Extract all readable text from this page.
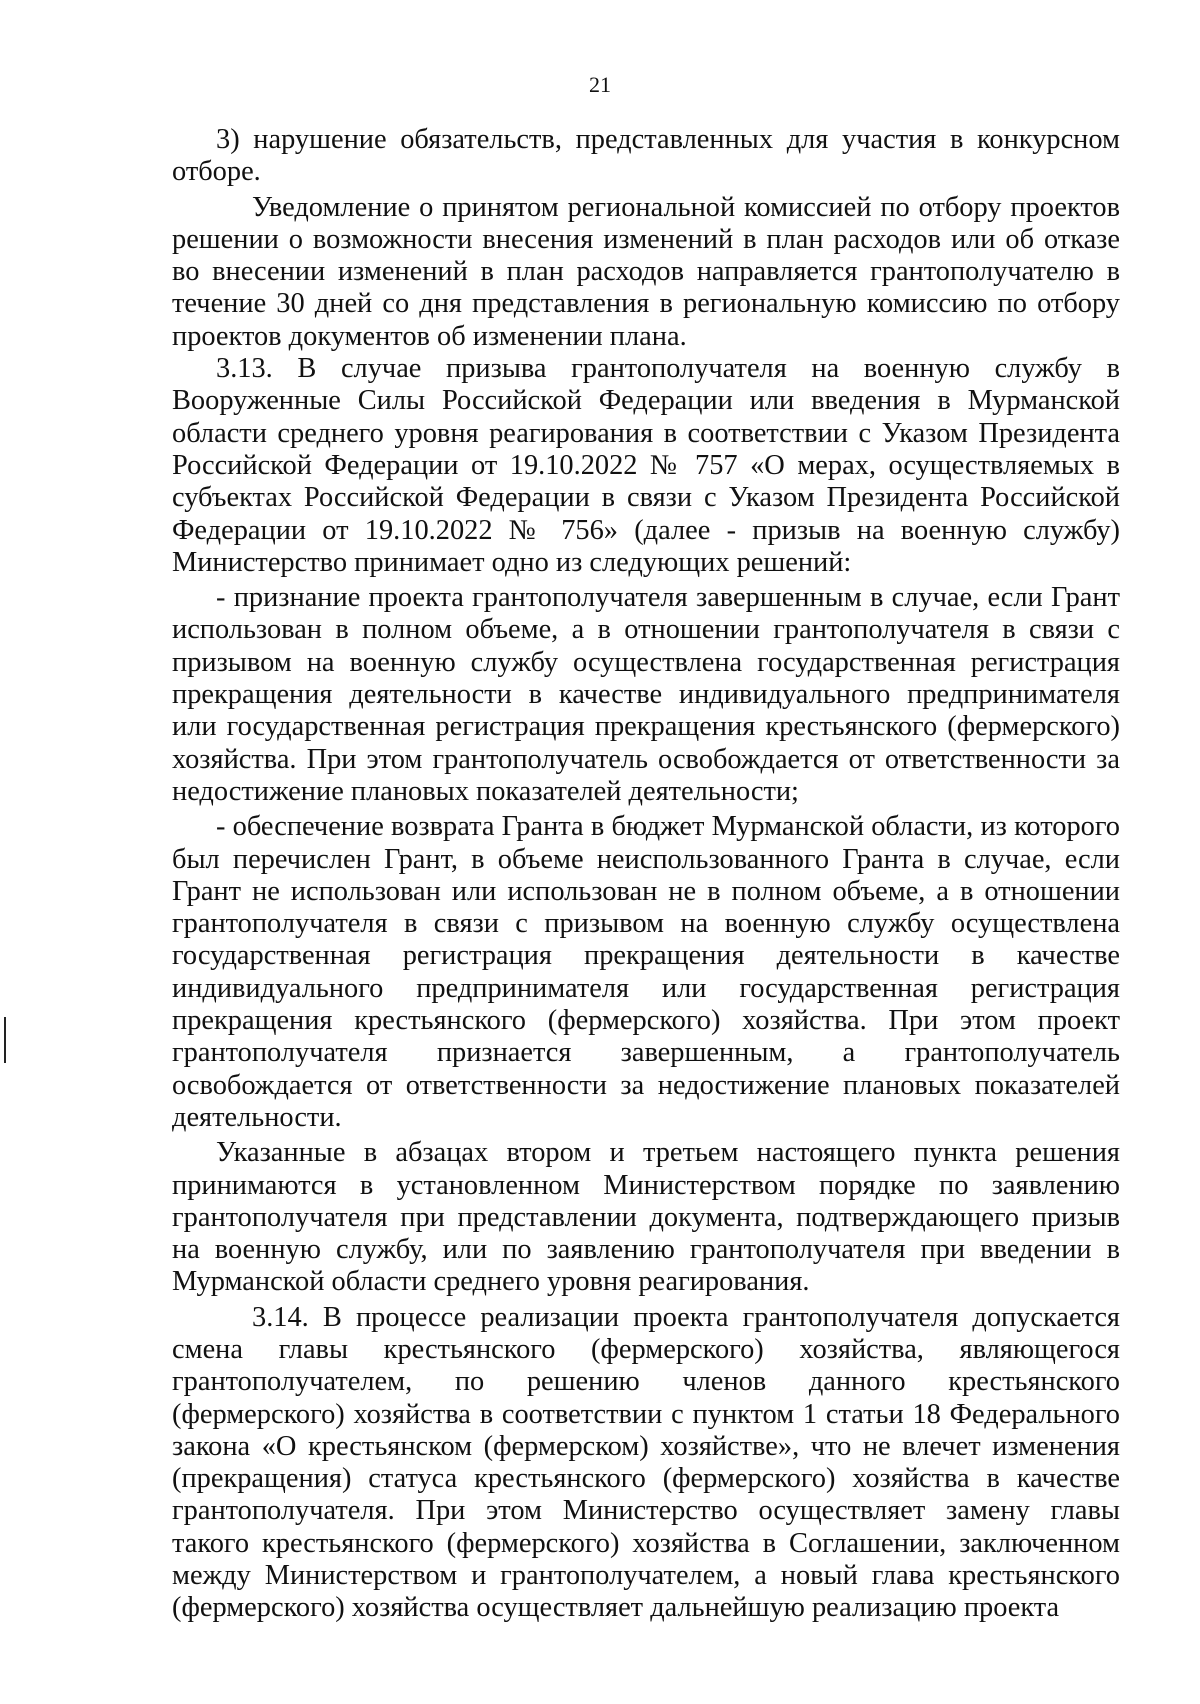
21

3) нарушение обязательств, представленных для участия в конкурсном отборе.

Уведомление о принятом региональной комиссией по отбору проектов решении о возможности внесения изменений в план расходов или об отказе во внесении изменений в план расходов направляется грантополучателю в течение 30 дней со дня представления в региональную комиссию по отбору проектов документов об изменении плана.

3.13. В случае призыва грантополучателя на военную службу в Вооруженные Силы Российской Федерации или введения в Мурманской области среднего уровня реагирования в соответствии с Указом Президента Российской Федерации от 19.10.2022 № 757 «О мерах, осуществляемых в субъектах Российской Федерации в связи с Указом Президента Российской Федерации от 19.10.2022 № 756» (далее - призыв на военную службу) Министерство принимает одно из следующих решений:

- признание проекта грантополучателя завершенным в случае, если Грант использован в полном объеме, а в отношении грантополучателя в связи с призывом на военную службу осуществлена государственная регистрация прекращения деятельности в качестве индивидуального предпринимателя или государственная регистрация прекращения крестьянского (фермерского) хозяйства. При этом грантополучатель освобождается от ответственности за недостижение плановых показателей деятельности;

- обеспечение возврата Гранта в бюджет Мурманской области, из которого был перечислен Грант, в объеме неиспользованного Гранта в случае, если Грант не использован или использован не в полном объеме, а в отношении грантополучателя в связи с призывом на военную службу осуществлена государственная регистрация прекращения деятельности в качестве индивидуального предпринимателя или государственная регистрация прекращения крестьянского (фермерского) хозяйства. При этом проект грантополучателя признается завершенным, а грантополучатель освобождается от ответственности за недостижение плановых показателей деятельности.

Указанные в абзацах втором и третьем настоящего пункта решения принимаются в установленном Министерством порядке по заявлению грантополучателя при представлении документа, подтверждающего призыв на военную службу, или по заявлению грантополучателя при введении в Мурманской области среднего уровня реагирования.

3.14. В процессе реализации проекта грантополучателя допускается смена главы крестьянского (фермерского) хозяйства, являющегося грантополучателем, по решению членов данного крестьянского (фермерского) хозяйства в соответствии с пунктом 1 статьи 18 Федерального закона «О крестьянском (фермерском) хозяйстве», что не влечет изменения (прекращения) статуса крестьянского (фермерского) хозяйства в качестве грантополучателя. При этом Министерство осуществляет замену главы такого крестьянского (фермерского) хозяйства в Соглашении, заключенном между Министерством и грантополучателем, а новый глава крестьянского (фермерского) хозяйства осуществляет дальнейшую реализацию проекта
